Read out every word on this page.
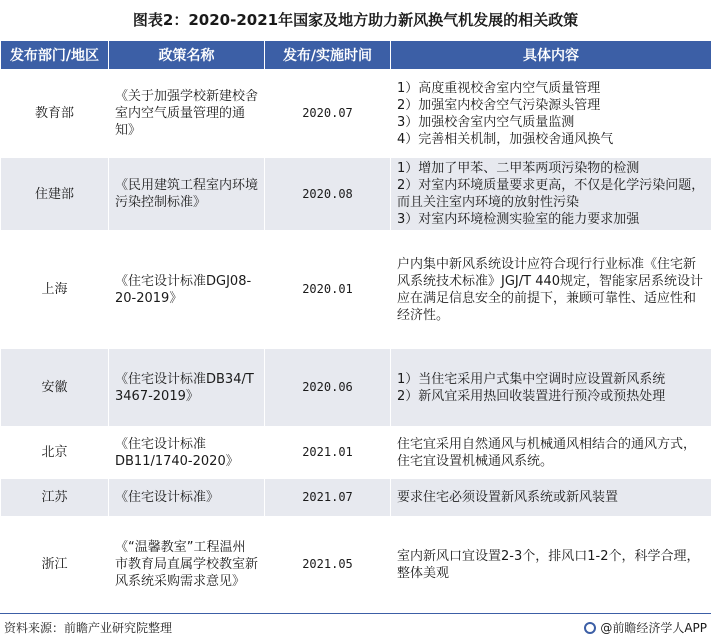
图表2：2020-2021年国家及地方助力新风换气机发展的相关政策
发布部门/地区	政策名称	发布/实施时间	具体内容
教育部	《关于加强学校新建校舍室内空气质量管理的通知》	2020.07	1）高度重视校舍室内空气质量管理
2）加强室内校舍空气污染源头管理
3）加强校舍室内空气质量监测
4）完善相关机制，加强校舍通风换气

住建部	《民用建筑工程室内环境污染控制标准》	2020.08	1）增加了甲苯、二甲苯两项污染物的检测
2）对室内环境质量要求更高，不仅是化学污染问题，而且关注室内环境的放射性污染
3）对室内环境检测实验室的能力要求加强

上海	《住宅设计标准DGJ08-20-2019》	2020.01	户内集中新风系统设计应符合现行行业标准《住宅新风系统技术标准》JGJ/T 440规定，智能家居系统设计应在满足信息安全的前提下，兼顾可靠性、适应性和经济性。

安徽	《住宅设计标准DB34/T 3467-2019》	2020.06	1）当住宅采用户式集中空调时应设置新风系统
2）新风宜采用热回收装置进行预冷或预热处理

北京	《住宅设计标准DB11/1740-2020》	2021.01	住宅宜采用自然通风与机械通风相结合的通风方式，住宅宜设置机械通风系统。

江苏	《住宅设计标准》	2021.07	要求住宅必须设置新风系统或新风装置

浙江	《“温馨教室”工程温州市教育局直属学校教室新风系统采购需求意见》	2021.05	室内新风口宜设置2-3个，排风口1-2个，科学合理，整体美观
资料来源：前瞻产业研究院整理	@前瞻经济学人APP
